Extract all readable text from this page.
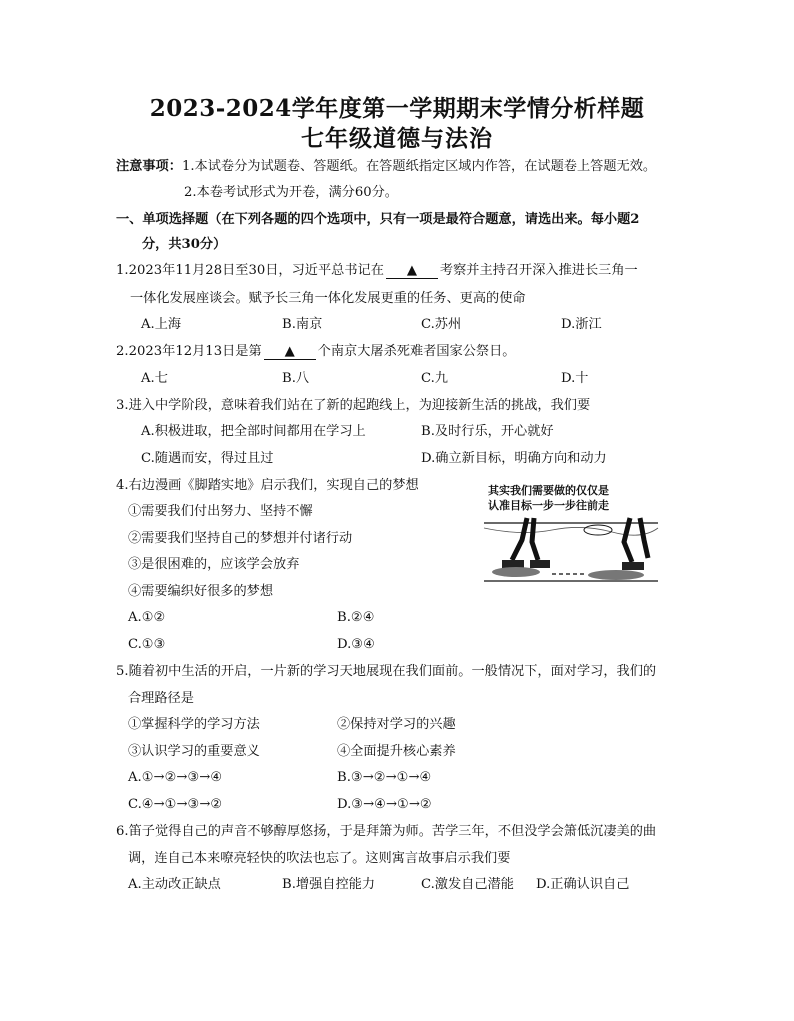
2023-2024学年度第一学期期末学情分析样题
七年级道德与法治
注意事项：1.本试卷分为试题卷、答题纸。在答题纸指定区域内作答，在试题卷上答题无效。
2.本卷考试形式为开卷，满分60分。
一、单项选择题（在下列各题的四个选项中，只有一项是最符合题意，请选出来。每小题2
分，共30分）
1.2023年11月28日至30日，习近平总书记在 ▲ 考察并主持召开深入推进长三角一
一体化发展座谈会。赋予长三角一体化发展更重的任务、更高的使命
A.上海	B.南京	C.苏州	D.浙江
2.2023年12月13日是第 ▲ 个南京大屠杀死难者国家公祭日。
A.七	B.八	C.九	D.十
3.进入中学阶段，意味着我们站在了新的起跑线上，为迎接新生活的挑战，我们要
A.积极进取，把全部时间都用在学习上	B.及时行乐，开心就好
C.随遇而安，得过且过	D.确立新目标，明确方向和动力
4.右边漫画《脚踏实地》启示我们，实现自己的梦想
①需要我们付出努力、坚持不懈
②需要我们坚持自己的梦想并付诸行动
③是很困难的，应该学会放弃
④需要编织好很多的梦想
A.①②	B.②④
C.①③	D.③④
其实我们需要做的仅仅是
认准目标一步一步往前走
5.随着初中生活的开启，一片新的学习天地展现在我们面前。一般情况下，面对学习，我们的
合理路径是
①掌握科学的学习方法	②保持对学习的兴趣
③认识学习的重要意义	④全面提升核心素养
A.①→②→③→④	B.③→②→①→④
C.④→①→③→②	D.③→④→①→②
6.笛子觉得自己的声音不够醇厚悠扬，于是拜箫为师。苦学三年，不但没学会箫低沉凄美的曲
调，连自己本来嘹亮轻快的吹法也忘了。这则寓言故事启示我们要
A.主动改正缺点	B.增强自控能力	C.激发自己潜能 D.正确认识自己
